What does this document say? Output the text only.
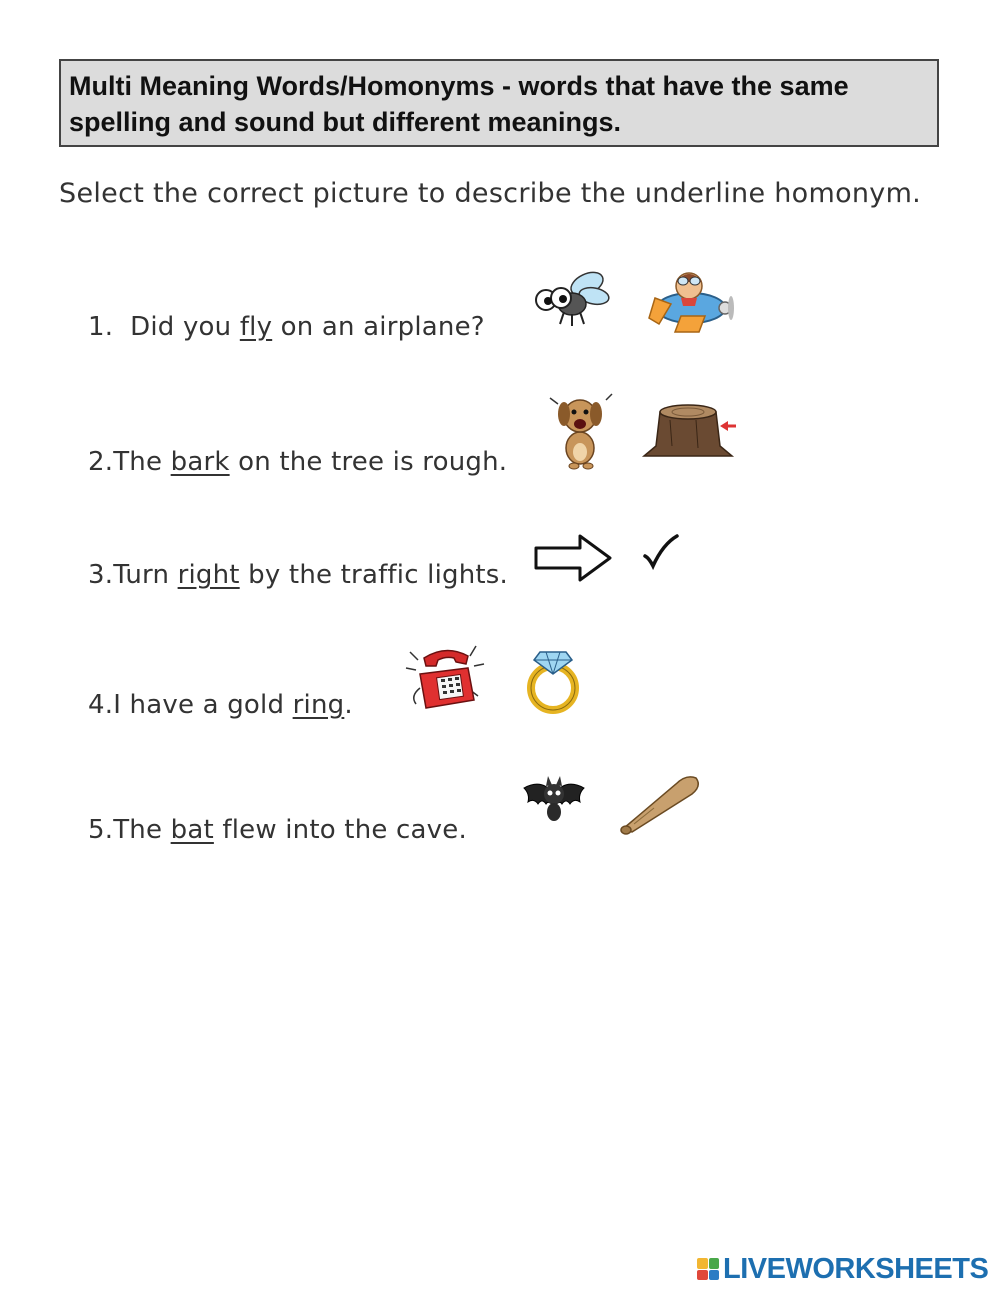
Multi Meaning Words/Homonyms - words that have the same spelling and sound but different meanings.
Select the correct picture to describe the underline homonym.
1. Did you fly on an airplane?
2.The bark on the tree is rough.
3.Turn right by the traffic lights.
4.I have a gold ring.
5.The bat flew into the cave.
LIVEWORKSHEETS
